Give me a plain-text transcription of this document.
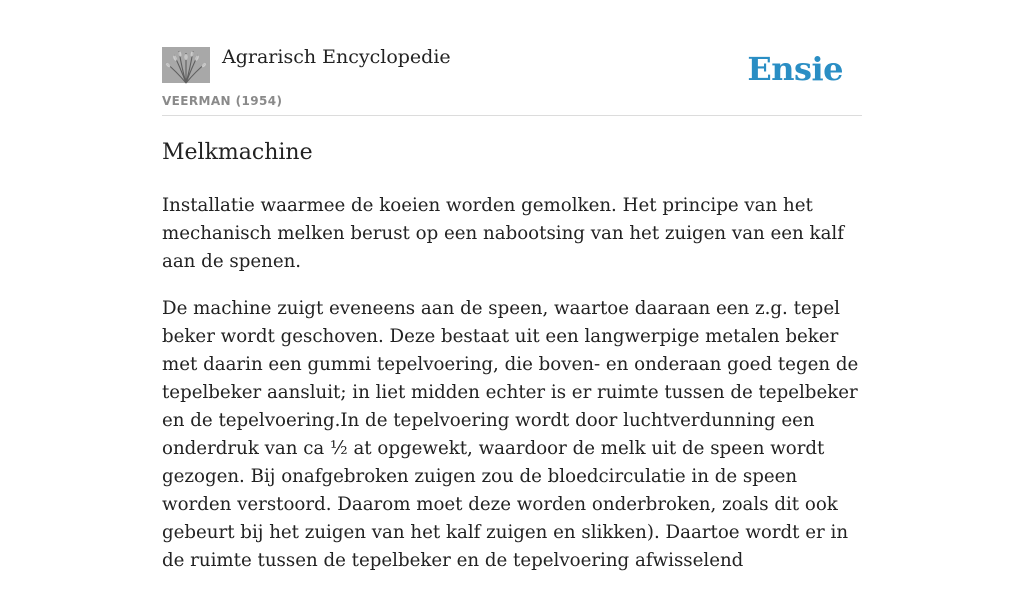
Agrarisch Encyclopedie
VEERMAN (1954)
Ensie
Melkmachine

Installatie waarmee de koeien worden gemolken. Het principe van het mechanisch melken berust op een nabootsing van het zuigen van een kalf aan de spenen.

De machine zuigt eveneens aan de speen, waartoe daaraan een z.g. tepel beker wordt geschoven. Deze bestaat uit een langwerpige metalen beker met daarin een gummi tepelvoering, die boven- en onderaan goed tegen de tepelbeker aansluit; in liet midden echter is er ruimte tussen de tepelbeker en de tepelvoering.In de tepelvoering wordt door luchtverdunning een onderdruk van ca ½ at opgewekt, waardoor de melk uit de speen wordt gezogen. Bij onafgebroken zuigen zou de bloedcirculatie in de speen worden verstoord. Daarom moet deze worden onderbroken, zoals dit ook gebeurt bij het zuigen van het kalf zuigen en slikken). Daartoe wordt er in de ruimte tussen de tepelbeker en de tepelvoering afwisselend
